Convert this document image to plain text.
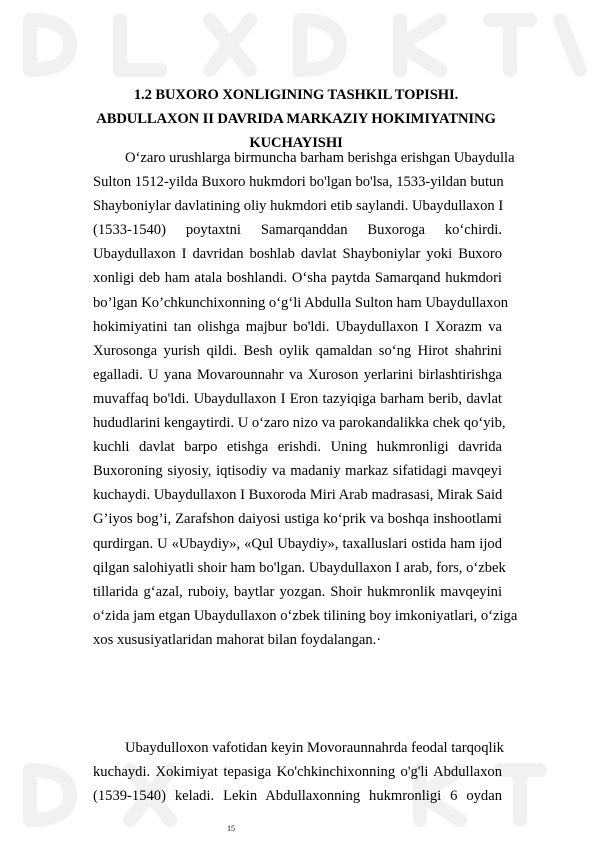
1.2 BUXORO XONLIGINING TASHKIL TOPISHI.
ABDULLAXON II DAVRIDA MARKAZIY HOKIMIYATNING
KUCHAYISHI
O‘zaro urushlarga birmuncha barham berishga erishgan Ubaydulla
Sulton 1512-yilda Buxoro hukmdori bo'lgan bo'lsa, 1533-yildan butun
Shayboniylar davlatining oliy hukmdori etib saylandi. Ubaydullaxon I
(1533-1540) poytaxtni Samarqanddan Buxoroga ko‘chirdi.
Ubaydullaxon I davridan boshlab davlat Shayboniylar yoki Buxoro
xonligi deb ham atala boshlandi. O‘sha paytda Samarqand hukmdori
bo’lgan Ko’chkunchixonning o‘g‘li Abdulla Sulton ham Ubaydullaxon
hokimiyatini tan olishga majbur bo'ldi. Ubaydullaxon I Xorazm va
Xurosonga yurish qildi. Besh oylik qamaldan so‘ng Hirot shahrini
egalladi. U yana Movarounnahr va Xuroson yerlarini birlashtirishga
muvaffaq bo'ldi. Ubaydullaxon I Eron tazyiqiga barham berib, davlat
hududlarini kengaytirdi. U o‘zaro nizo va parokandalikka chek qo‘yib,
kuchli davlat barpo etishga erishdi. Uning hukmronligi davrida
Buxoroning siyosiy, iqtisodiy va madaniy markaz sifatidagi mavqeyi
kuchaydi. Ubaydullaxon I Buxoroda Miri Arab madrasasi, Mirak Said
G’iyos bog’i, Zarafshon daiyosi ustiga ko‘prik va boshqa inshootlami
qurdirgan. U «Ubaydiy», «Qul Ubaydiy», taxalluslari ostida ham ijod
qilgan salohiyatli shoir ham bo'lgan. Ubaydullaxon I arab, fors, o‘zbek
tillarida g‘azal, ruboiy, baytlar yozgan. Shoir hukmronlik mavqeyini
o‘zida jam etgan Ubaydullaxon o‘zbek tilining boy imkoniyatlari, o‘ziga
xos xususiyatlaridan mahorat bilan foydalangan.·
Ubaydulloxon vafotidan keyin Movoraunnahrda feodal tarqoqlik
kuchaydi. Xokimiyat tepasiga Ko'chkinchixonning o'g'li Abdullaxon
(1539-1540) keladi. Lekin Abdullaxonning hukmronligi 6 oydan
15
